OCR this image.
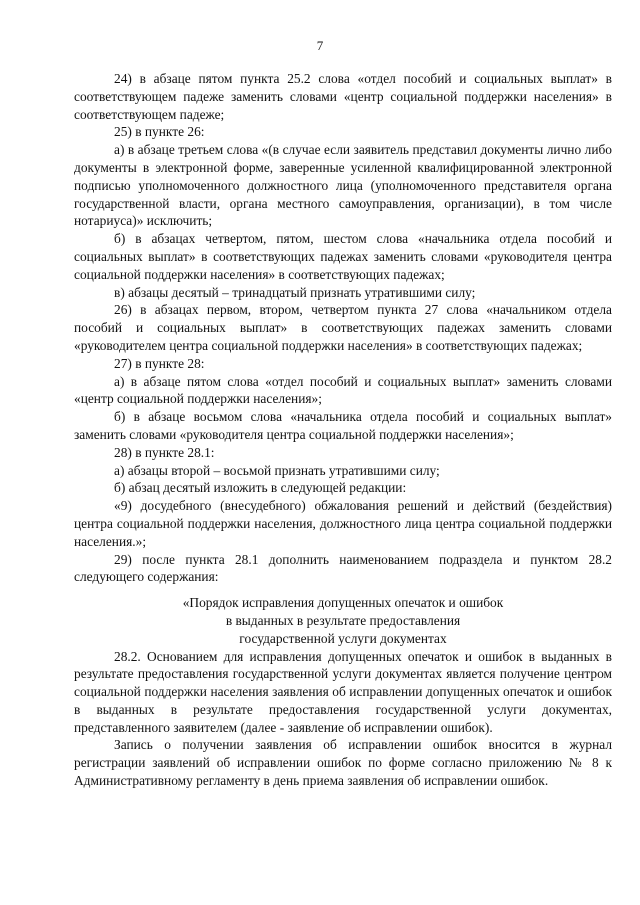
7

24) в абзаце пятом пункта 25.2 слова «отдел пособий и социальных выплат» в соответствующем падеже заменить словами «центр социальной поддержки населения» в соответствующем падеже;

25) в пункте 26:

а) в абзаце третьем слова «(в случае если заявитель представил документы лично либо документы в электронной форме, заверенные усиленной квалифицированной электронной подписью уполномоченного должностного лица (уполномоченного представителя органа государственной власти, органа местного самоуправления, организации), в том числе нотариуса)» исключить;

б) в абзацах четвертом, пятом, шестом слова «начальника отдела пособий и социальных выплат» в соответствующих падежах заменить словами «руководителя центра социальной поддержки населения» в соответствующих падежах;

в) абзацы десятый – тринадцатый признать утратившими силу;

26) в абзацах первом, втором, четвертом пункта 27 слова «начальником отдела пособий и социальных выплат» в соответствующих падежах заменить словами «руководителем центра социальной поддержки населения» в соответствующих падежах;

27) в пункте 28:

а) в абзаце пятом слова «отдел пособий и социальных выплат» заменить словами «центр социальной поддержки населения»;

б) в абзаце восьмом слова «начальника отдела пособий и социальных выплат» заменить словами «руководителя центра социальной поддержки населения»;

28) в пункте 28.1:

а) абзацы второй – восьмой признать утратившими силу;

б) абзац десятый изложить в следующей редакции:

«9) досудебного (внесудебного) обжалования решений и действий (бездействия) центра социальной поддержки населения, должностного лица центра социальной поддержки населения.»;

29) после пункта 28.1 дополнить наименованием подраздела и пунктом 28.2 следующего содержания:

«Порядок исправления допущенных опечаток и ошибок

в выданных в результате предоставления

государственной услуги документах

28.2. Основанием для исправления допущенных опечаток и ошибок в выданных в результате предоставления государственной услуги документах является получение центром социальной поддержки населения заявления об исправлении допущенных опечаток и ошибок в выданных в результате предоставления государственной услуги документах, представленного заявителем (далее - заявление об исправлении ошибок).

Запись о получении заявления об исправлении ошибок вносится в журнал регистрации заявлений об исправлении ошибок по форме согласно приложению № 8 к Административному регламенту в день приема заявления об исправлении ошибок.
